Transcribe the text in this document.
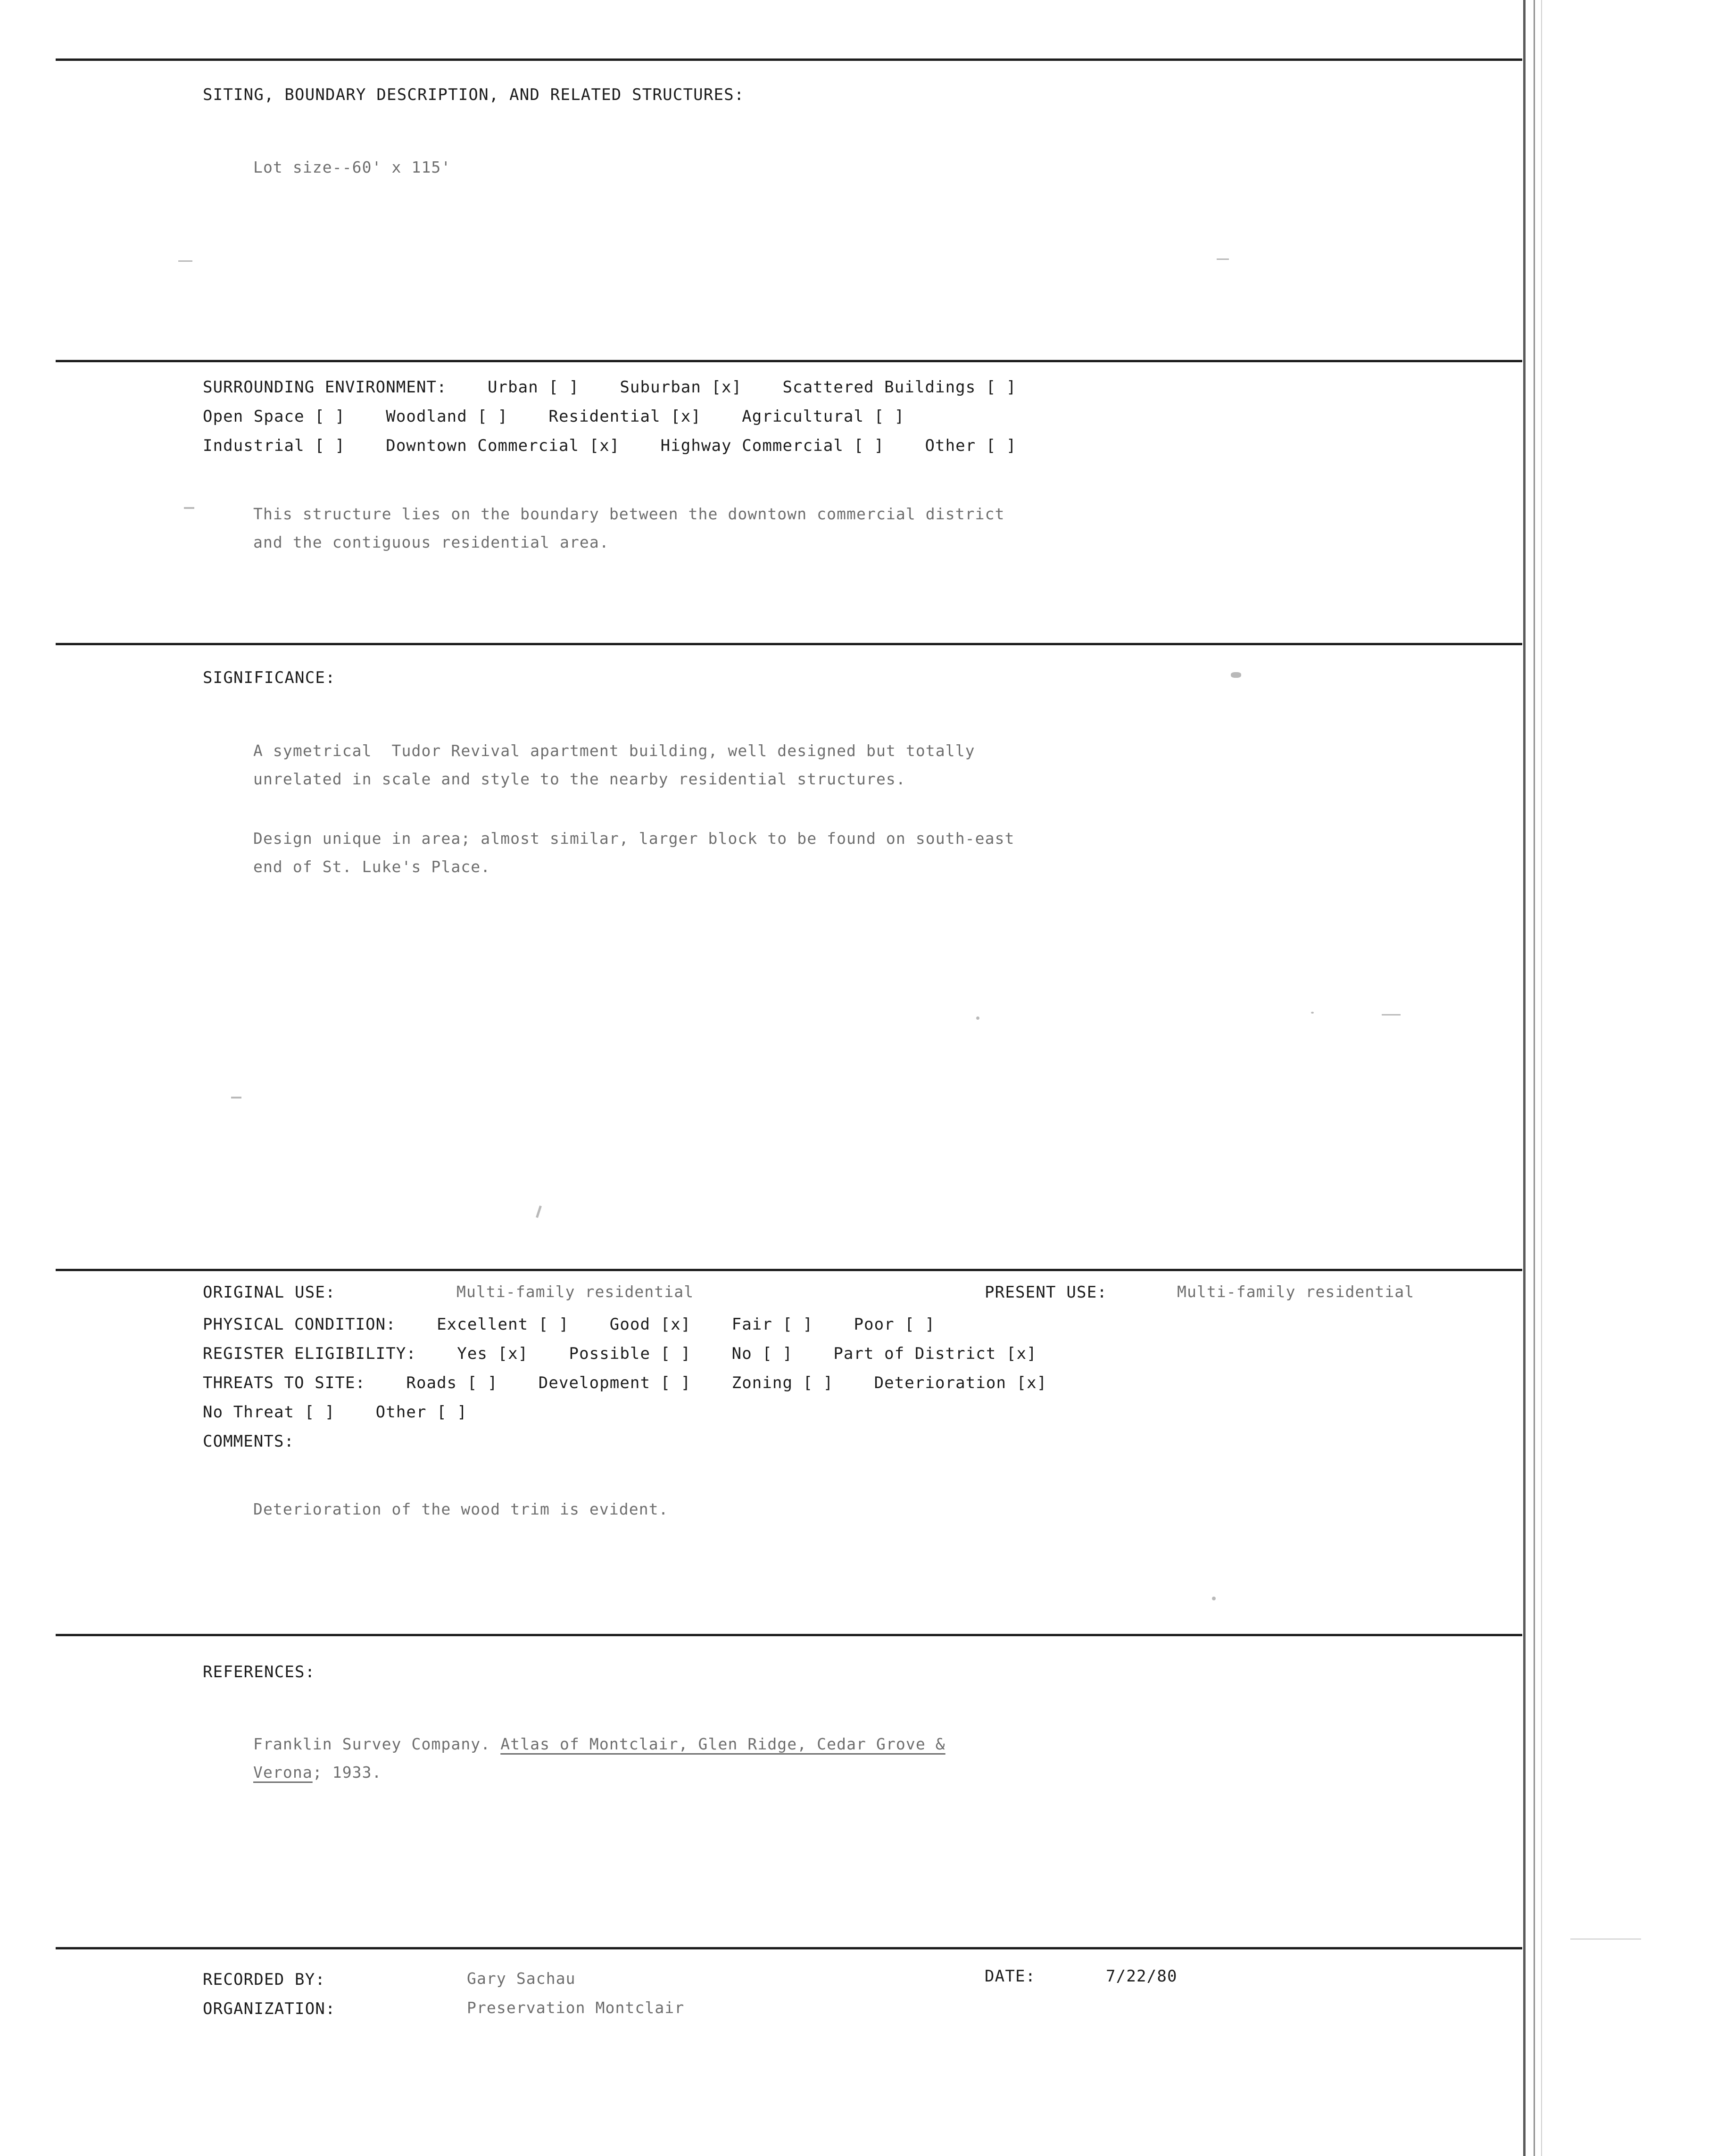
SITING, BOUNDARY DESCRIPTION, AND RELATED STRUCTURES:
Lot size--60' x 115'
SURROUNDING ENVIRONMENT:    Urban [ ]    Suburban [x]    Scattered Buildings [ ]
Open Space [ ]    Woodland [ ]    Residential [x]    Agricultural [ ]
Industrial [ ]    Downtown Commercial [x]    Highway Commercial [ ]    Other [ ]
This structure lies on the boundary between the downtown commercial district
and the contiguous residential area.
SIGNIFICANCE:
A symetrical  Tudor Revival apartment building, well designed but totally
unrelated in scale and style to the nearby residential structures.
Design unique in area; almost similar, larger block to be found on south-east
end of St. Luke's Place.
ORIGINAL USE:	Multi-family residential	PRESENT USE:	Multi-family residential
PHYSICAL CONDITION:    Excellent [ ]    Good [x]    Fair [ ]    Poor [ ]
REGISTER ELIGIBILITY:    Yes [x]    Possible [ ]    No [ ]    Part of District [x]
THREATS TO SITE:    Roads [ ]    Development [ ]    Zoning [ ]    Deterioration [x]
No Threat [ ]    Other [ ]
COMMENTS:
Deterioration of the wood trim is evident.
REFERENCES:
Franklin Survey Company. Atlas of Montclair, Glen Ridge, Cedar Grove &
Verona; 1933.
RECORDED BY:	Gary Sachau	DATE:	7/22/80
ORGANIZATION:	Preservation Montclair
